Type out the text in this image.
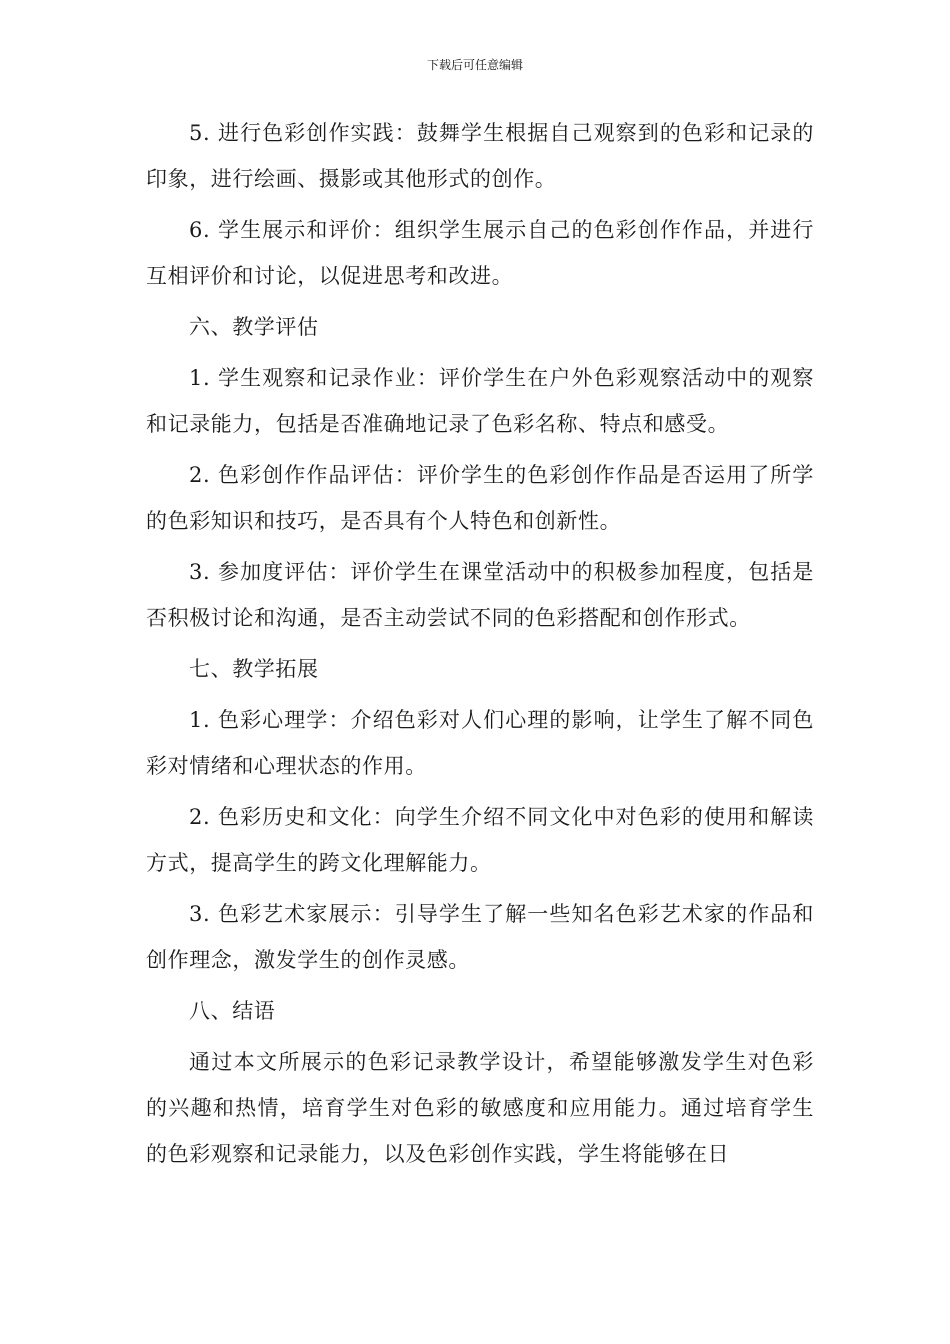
下载后可任意编辑

5. 进行色彩创作实践：鼓舞学生根据自己观察到的色彩和记录的印象，进行绘画、摄影或其他形式的创作。

6. 学生展示和评价：组织学生展示自己的色彩创作作品，并进行互相评价和讨论，以促进思考和改进。

六、教学评估

1. 学生观察和记录作业：评价学生在户外色彩观察活动中的观察和记录能力，包括是否准确地记录了色彩名称、特点和感受。

2. 色彩创作作品评估：评价学生的色彩创作作品是否运用了所学的色彩知识和技巧，是否具有个人特色和创新性。

3. 参加度评估：评价学生在课堂活动中的积极参加程度，包括是否积极讨论和沟通，是否主动尝试不同的色彩搭配和创作形式。

七、教学拓展

1. 色彩心理学：介绍色彩对人们心理的影响，让学生了解不同色彩对情绪和心理状态的作用。

2. 色彩历史和文化：向学生介绍不同文化中对色彩的使用和解读方式，提高学生的跨文化理解能力。

3. 色彩艺术家展示：引导学生了解一些知名色彩艺术家的作品和创作理念，激发学生的创作灵感。

八、结语

通过本文所展示的色彩记录教学设计，希望能够激发学生对色彩的兴趣和热情，培育学生对色彩的敏感度和应用能力。通过培育学生的色彩观察和记录能力，以及色彩创作实践，学生将能够在日
